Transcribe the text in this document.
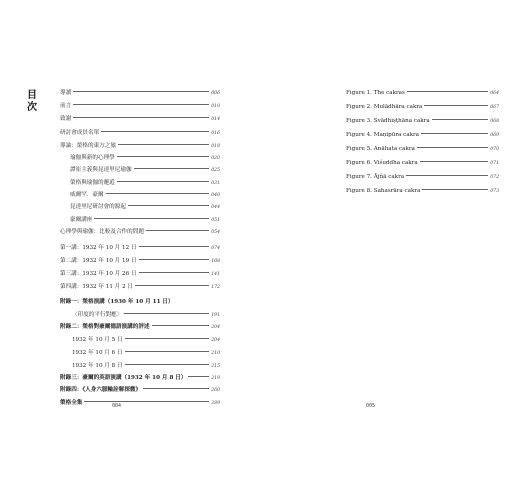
目
次
導讀	006
前言	010
致謝	014
研討會成員名單	016
導論：榮格的東方之旅	018
瑜伽與新的心理學	020
譚崔主義與昆達里尼瑜伽	025
榮格與瑜伽的邂逅	031
威爾罕．豪爾	040
昆達里尼研討會的源起	044
豪爾講座	051
心理學與瑜伽：比較及合作的問題	054
第一講：1932 年 10 月 12 日	074
第二講：1932 年 10 月 19 日	108
第三講：1932 年 10 月 26 日	141
第四講：1932 年 11 月 2 日	172
附錄一：榮格演講（1930 年 10 月 11 日）
〈印度的平行對應〉	191
附錄二：榮格對豪爾德語演講的評述	204
1932 年 10 月 5 日	204
1932 年 10 月 6 日	210
1932 年 10 月 8 日	215
附錄三：豪爾的英語演講（1932 年 10 月 8 日）	219
附錄四：《人身六脈輪詮解探微》	260
榮格全集	289
Figure 1. The cakras	064
Figure 2. Mulādhāra cakra	067
Figure 3. Svādhiṣṭhāna cakra	068
Figure 4. Maṇipūra cakra	069
Figure 5. Anāhata cakra	070
Figure 6. Viśuddha cakra	071
Figure 7. Ājñā cakra	072
Figure 8. Sahasrāra cakra	073
004	005
